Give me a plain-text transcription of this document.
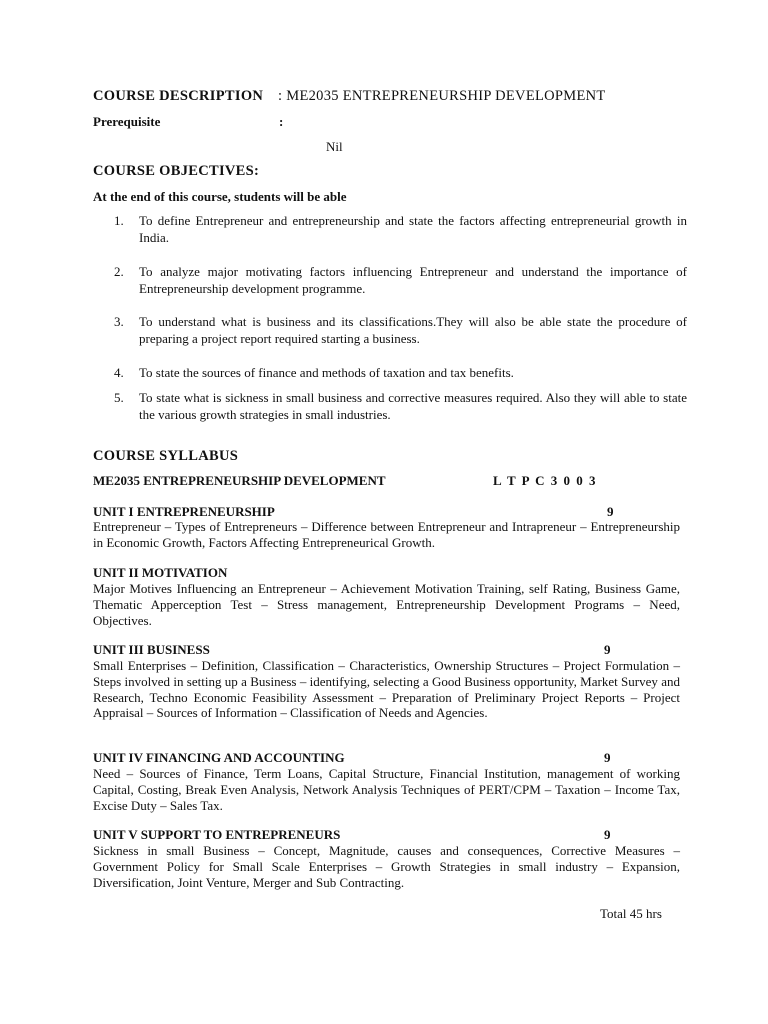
COURSE DESCRIPTION : ME2035 ENTREPRENEURSHIP DEVELOPMENT
Prerequisite	:
Nil
COURSE OBJECTIVES:
At the end of this course, students will be able
1.	To define Entrepreneur and entrepreneurship and state the factors affecting entrepreneurial growth in India.
2.	To analyze major motivating factors influencing Entrepreneur and understand the importance of Entrepreneurship development programme.
3.	To understand what is business and its classifications.They will also be able state the procedure of preparing a project report required starting a business.
4.	To state the sources of finance and methods of taxation and tax benefits.
5.	To state what is sickness in small business and corrective measures required. Also they will able to state the various growth strategies in small industries.
COURSE SYLLABUS
ME2035 ENTREPRENEURSHIP DEVELOPMENT	L T P C 3 0 0 3
UNIT I ENTREPRENEURSHIP	9
Entrepreneur – Types of Entrepreneurs – Difference between Entrepreneur and Intrapreneur – Entrepreneurship in Economic Growth, Factors Affecting Entrepreneurical Growth.
UNIT II MOTIVATION
Major Motives Influencing an Entrepreneur – Achievement Motivation Training, self Rating, Business Game, Thematic Apperception Test – Stress management, Entrepreneurship Development Programs – Need, Objectives.
UNIT III BUSINESS	9
Small Enterprises – Definition, Classification – Characteristics, Ownership Structures – Project Formulation – Steps involved in setting up a Business – identifying, selecting a Good Business opportunity, Market Survey and Research, Techno Economic Feasibility Assessment – Preparation of Preliminary Project Reports – Project Appraisal – Sources of Information – Classification of Needs and Agencies.
UNIT IV FINANCING AND ACCOUNTING	9
Need – Sources of Finance, Term Loans, Capital Structure, Financial Institution, management of working Capital, Costing, Break Even Analysis, Network Analysis Techniques of PERT/CPM – Taxation – Income Tax, Excise Duty – Sales Tax.
UNIT V SUPPORT TO ENTREPRENEURS	9
Sickness in small Business – Concept, Magnitude, causes and consequences, Corrective Measures – Government Policy for Small Scale Enterprises – Growth Strategies in small industry – Expansion, Diversification, Joint Venture, Merger and Sub Contracting.
Total 45 hrs
